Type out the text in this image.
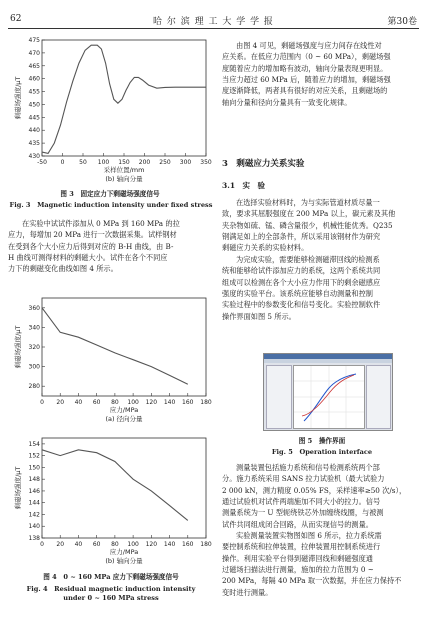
62	哈 尔 滨 理 工 大 学 学 报	第30卷
-50 0 50 100 150 200 250 300 350
430
435
440
445
450
455
460
465
470
475
采样位置/mm
剩磁场强度/μT
(b) 轴向分量
图 3　固定应力下剩磁场强度信号
Fig. 3　Magnetic induction intensity under fixed stress
在实验中试试件添加从 0 MPa 到 160 MPa 的拉
应力，每增加 20 MPa 进行一次数据采集。试样钢材
在受到各个大小应力后得到对应的 B-H 曲线，由 B-
H 曲线可测得材料的剩磁大小。试件在各个不同应
力下的剩磁变化曲线如图 4 所示。
0 20 40 60 80 100 120 140 160 180
280
300
320
340
360
应力/MPa
剩磁场强度/μT
(a) 径向分量
0 20 40 60 80 100 120 140 160 180
138
140
142
144
146
148
150
152
154
应力/MPa
剩磁场强度/μT
(b) 轴向分量
图 4　0 ~ 160 MPa 应力下剩磁场强度信号
Fig. 4　Residual magnetic induction intensity
under 0 ~ 160 MPa stress
由图 4 可见，剩磁场强度与应力间存在线性对
应关系。在低应力范围内（0 ~ 60 MPa），剩磁场强
度随着应力的增加略有波动，轴向分量表现更明显。
当应力超过 60 MPa 后，随着应力的增加，剩磁场强
度逐渐降低，两者具有很好的对应关系，且剩磁场的
轴向分量和径向分量具有一致变化规律。
在选择实验材料时，为与实际管道材质尽量一
致，要求其屈服强度在 200 MPa 以上，碳元素及其他
夹杂物如硫、锰、磷含量很少，机械性能优秀。Q235
钢满足如上的全部条件，所以采用该钢材作为研究
剩磁应力关系的实验材料。
为完成实验，需要能够检测磁滞回线的检测系
统和能够给试件添加应力的系统，这两个系统共同
组成可以检测在各个大小应力作用下的剩余磁感应
强度的实验平台。该系统应能够自动测量和控制
实验过程中的参数变化和信号变化。实验控制软件
操作界面如图 5 所示。
测量装置包括施力系统和信号检测系统两个部
分。施力系统采用 SANS 拉力试验机（最大试验力
2 000 kN，测力精度 0.05% FS，采样速率≥50 次/s），
通过试验机对试件两端施加不同大小的拉力。信号
测量系统为一 U 型轭绕铁芯外加缠绕线圈，与被测
试件共同组成闭合回路，从而实现信号的测量。
实验测量装置实物图如图 6 所示，拉力系统需
要控制系统和拉伸装置，拉伸装置用控制系统进行
操作。利用实验平台得到磁滞回线和剩磁强度通
过磁场扫描法进行测量，施加的拉力范围为 0 ~
200 MPa，每隔 40 MPa 取一次数据，并在应力保持不
变时进行测量。
3　剩磁应力关系实验
3.1　实　验
图 5　操作界面
Fig. 5　Operation interface
